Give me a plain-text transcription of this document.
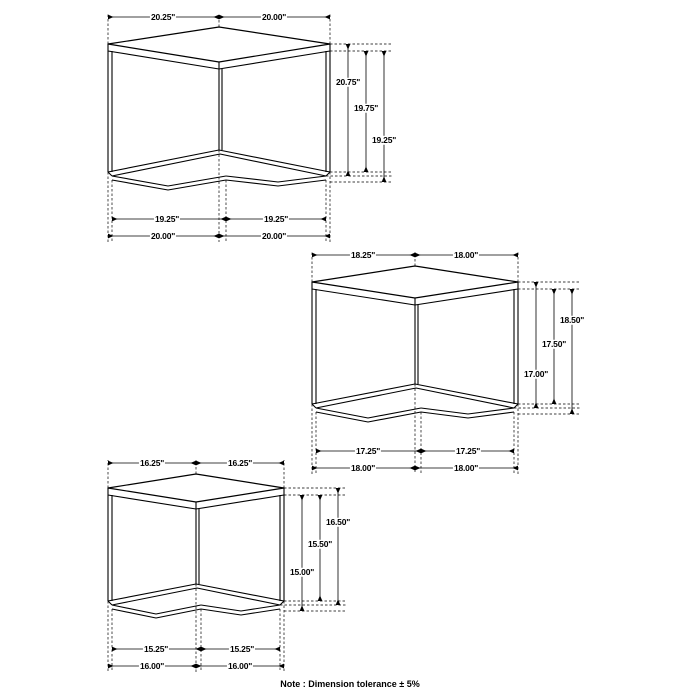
20.25"	20.00"
20.75"
19.75"
19.25"
19.25"	19.25"
20.00"	20.00"
18.25"	18.00"
18.50"
17.50"
17.00"
17.25"	17.25"
18.00"	18.00"
16.25"	16.25"
16.50"
15.50"
15.00"
15.25"	15.25"
16.00"	16.00"
Note : Dimension tolerance ± 5%
